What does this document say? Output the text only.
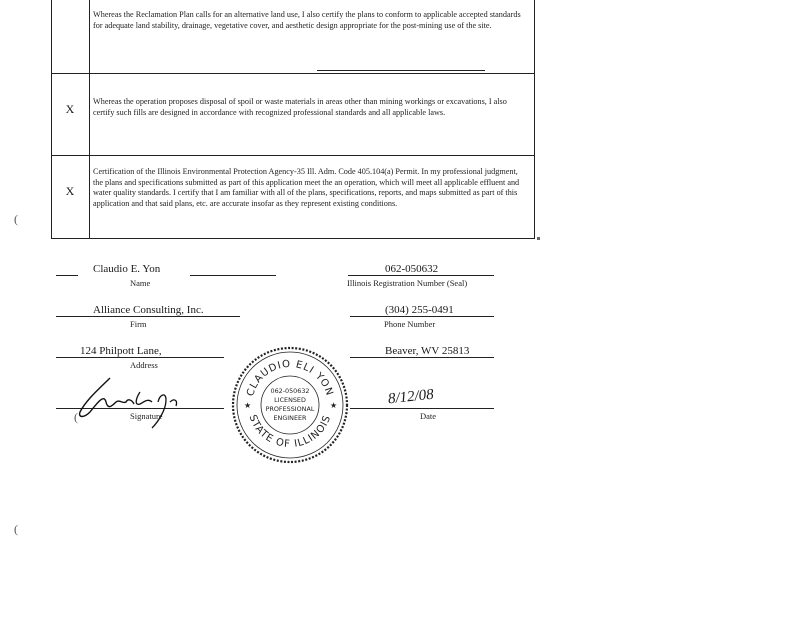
Whereas the Reclamation Plan calls for an alternative land use, I also certify the plans to conform to applicable accepted standards for adequate land stability, drainage, vegetative cover, and aesthetic design appropriate for the post-mining use of the site.
X
Whereas the operation proposes disposal of spoil or waste materials in areas other than mining workings or excavations, I also certify such fills are designed in accordance with recognized professional standards and all applicable laws.
X
Certification of the Illinois Environmental Protection Agency-35 Ill. Adm. Code 405.104(a) Permit. In my professional judgment, the plans and specifications submitted as part of this application meet the an operation, which will meet all applicable effluent and water quality standards. I certify that I am familiar with all of the plans, specifications, reports, and maps submitted as part of this application and that said plans, etc. are accurate insofar as they represent existing conditions.
(
(
Claudio E. Yon
Name
062-050632
Illinois Registration Number (Seal)
Alliance Consulting, Inc.
Firm
(304) 255-0491
Phone Number
124 Philpott Lane,
Address
Beaver, WV 25813
Signature
(
8/12/08
Date
CLAUDIO ELI YON
STATE OF ILLINOIS
★	★
062-050632
LICENSED
PROFESSIONAL
ENGINEER
